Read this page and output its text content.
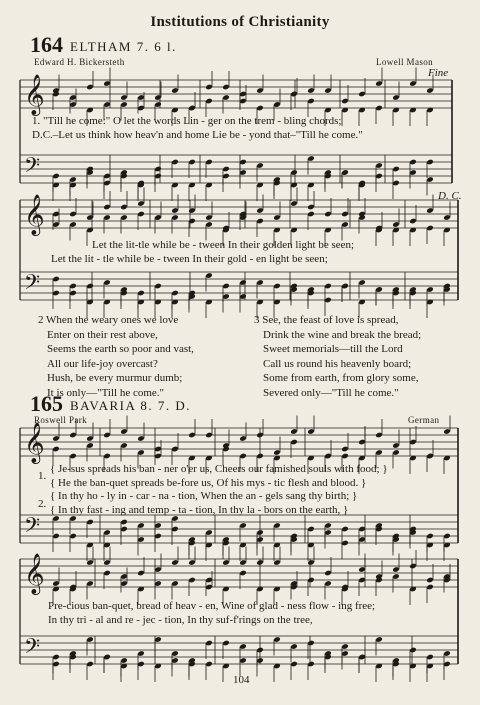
𝄞
𝄢
𝄞
𝄢
𝄞
𝄢
𝄞
𝄢
Institutions of Christianity
164 ELTHAM 7. 6 l.
Edward H. Bickersteth	Lowell Mason
Fine
1. "Till he come:" O let the words Lin - ger on the trem - bling chords;
D.C.–Let us think how heav'n and home Lie be - yond that–"Till he come."
D. C.
Let the lit-tle while be - tween In their golden light be seen;
Let the lit - tle while be - tween In their gold - en light be seen;
2 When the weary ones we love
Enter on their rest above,
Seems the earth so poor and vast,
All our life-joy overcast?
Hush, be every murmur dumb;
It is only—"Till he come."
3 See, the feast of love is spread,
Drink the wine and break the bread;
Sweet memorials—till the Lord
Call us round his heavenly board;
Some from earth, from glory some,
Severed only—"Till he come."
165 BAVARIA 8. 7. D.
Roswell Park	German
1.
{ Je-sus spreads his ban - ner o'er us, Cheers our famished souls with food; }
{ He the ban-quet spreads be-fore us, Of his mys - tic flesh and blood. }
2.
{ In thy ho - ly in - car - na - tion, When the an - gels sang thy birth; }
{ In thy fast - ing and temp - ta - tion, In thy la - bors on the earth, }
Pre-cious ban-quet, bread of heav - en, Wine of glad - ness flow - ing free;
In thy tri - al and re - jec - tion, In thy suf-f'rings on the tree,
104
